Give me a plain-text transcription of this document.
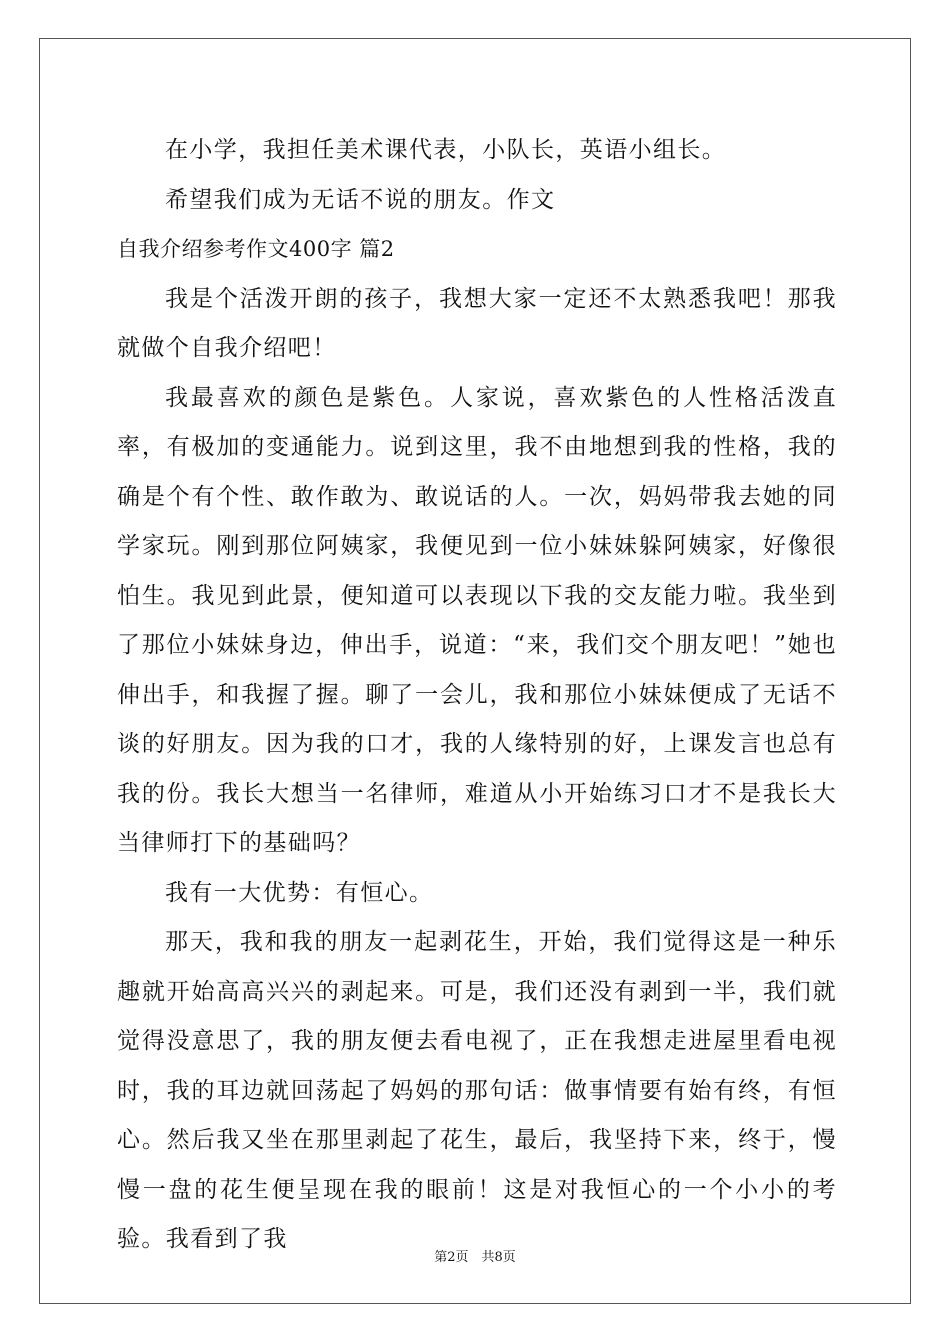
在小学，我担任美术课代表，小队长，英语小组长。

希望我们成为无话不说的朋友。作文

自我介绍参考作文400字 篇2

我是个活泼开朗的孩子，我想大家一定还不太熟悉我吧！那我就做个自我介绍吧！

我最喜欢的颜色是紫色。人家说，喜欢紫色的人性格活泼直率，有极加的变通能力。说到这里，我不由地想到我的性格，我的确是个有个性、敢作敢为、敢说话的人。一次，妈妈带我去她的同学家玩。刚到那位阿姨家，我便见到一位小妹妹躲阿姨家，好像很怕生。我见到此景，便知道可以表现以下我的交友能力啦。我坐到了那位小妹妹身边，伸出手，说道：“来，我们交个朋友吧！”她也伸出手，和我握了握。聊了一会儿，我和那位小妹妹便成了无话不谈的好朋友。因为我的口才，我的人缘特别的好，上课发言也总有我的份。我长大想当一名律师，难道从小开始练习口才不是我长大当律师打下的基础吗？

我有一大优势：有恒心。

那天，我和我的朋友一起剥花生，开始，我们觉得这是一种乐趣就开始高高兴兴的剥起来。可是，我们还没有剥到一半，我们就觉得没意思了，我的朋友便去看电视了，正在我想走进屋里看电视时，我的耳边就回荡起了妈妈的那句话：做事情要有始有终，有恒心。然后我又坐在那里剥起了花生，最后，我坚持下来，终于，慢慢一盘的花生便呈现在我的眼前！这是对我恒心的一个小小的考验。我看到了我

第2页　共8页
